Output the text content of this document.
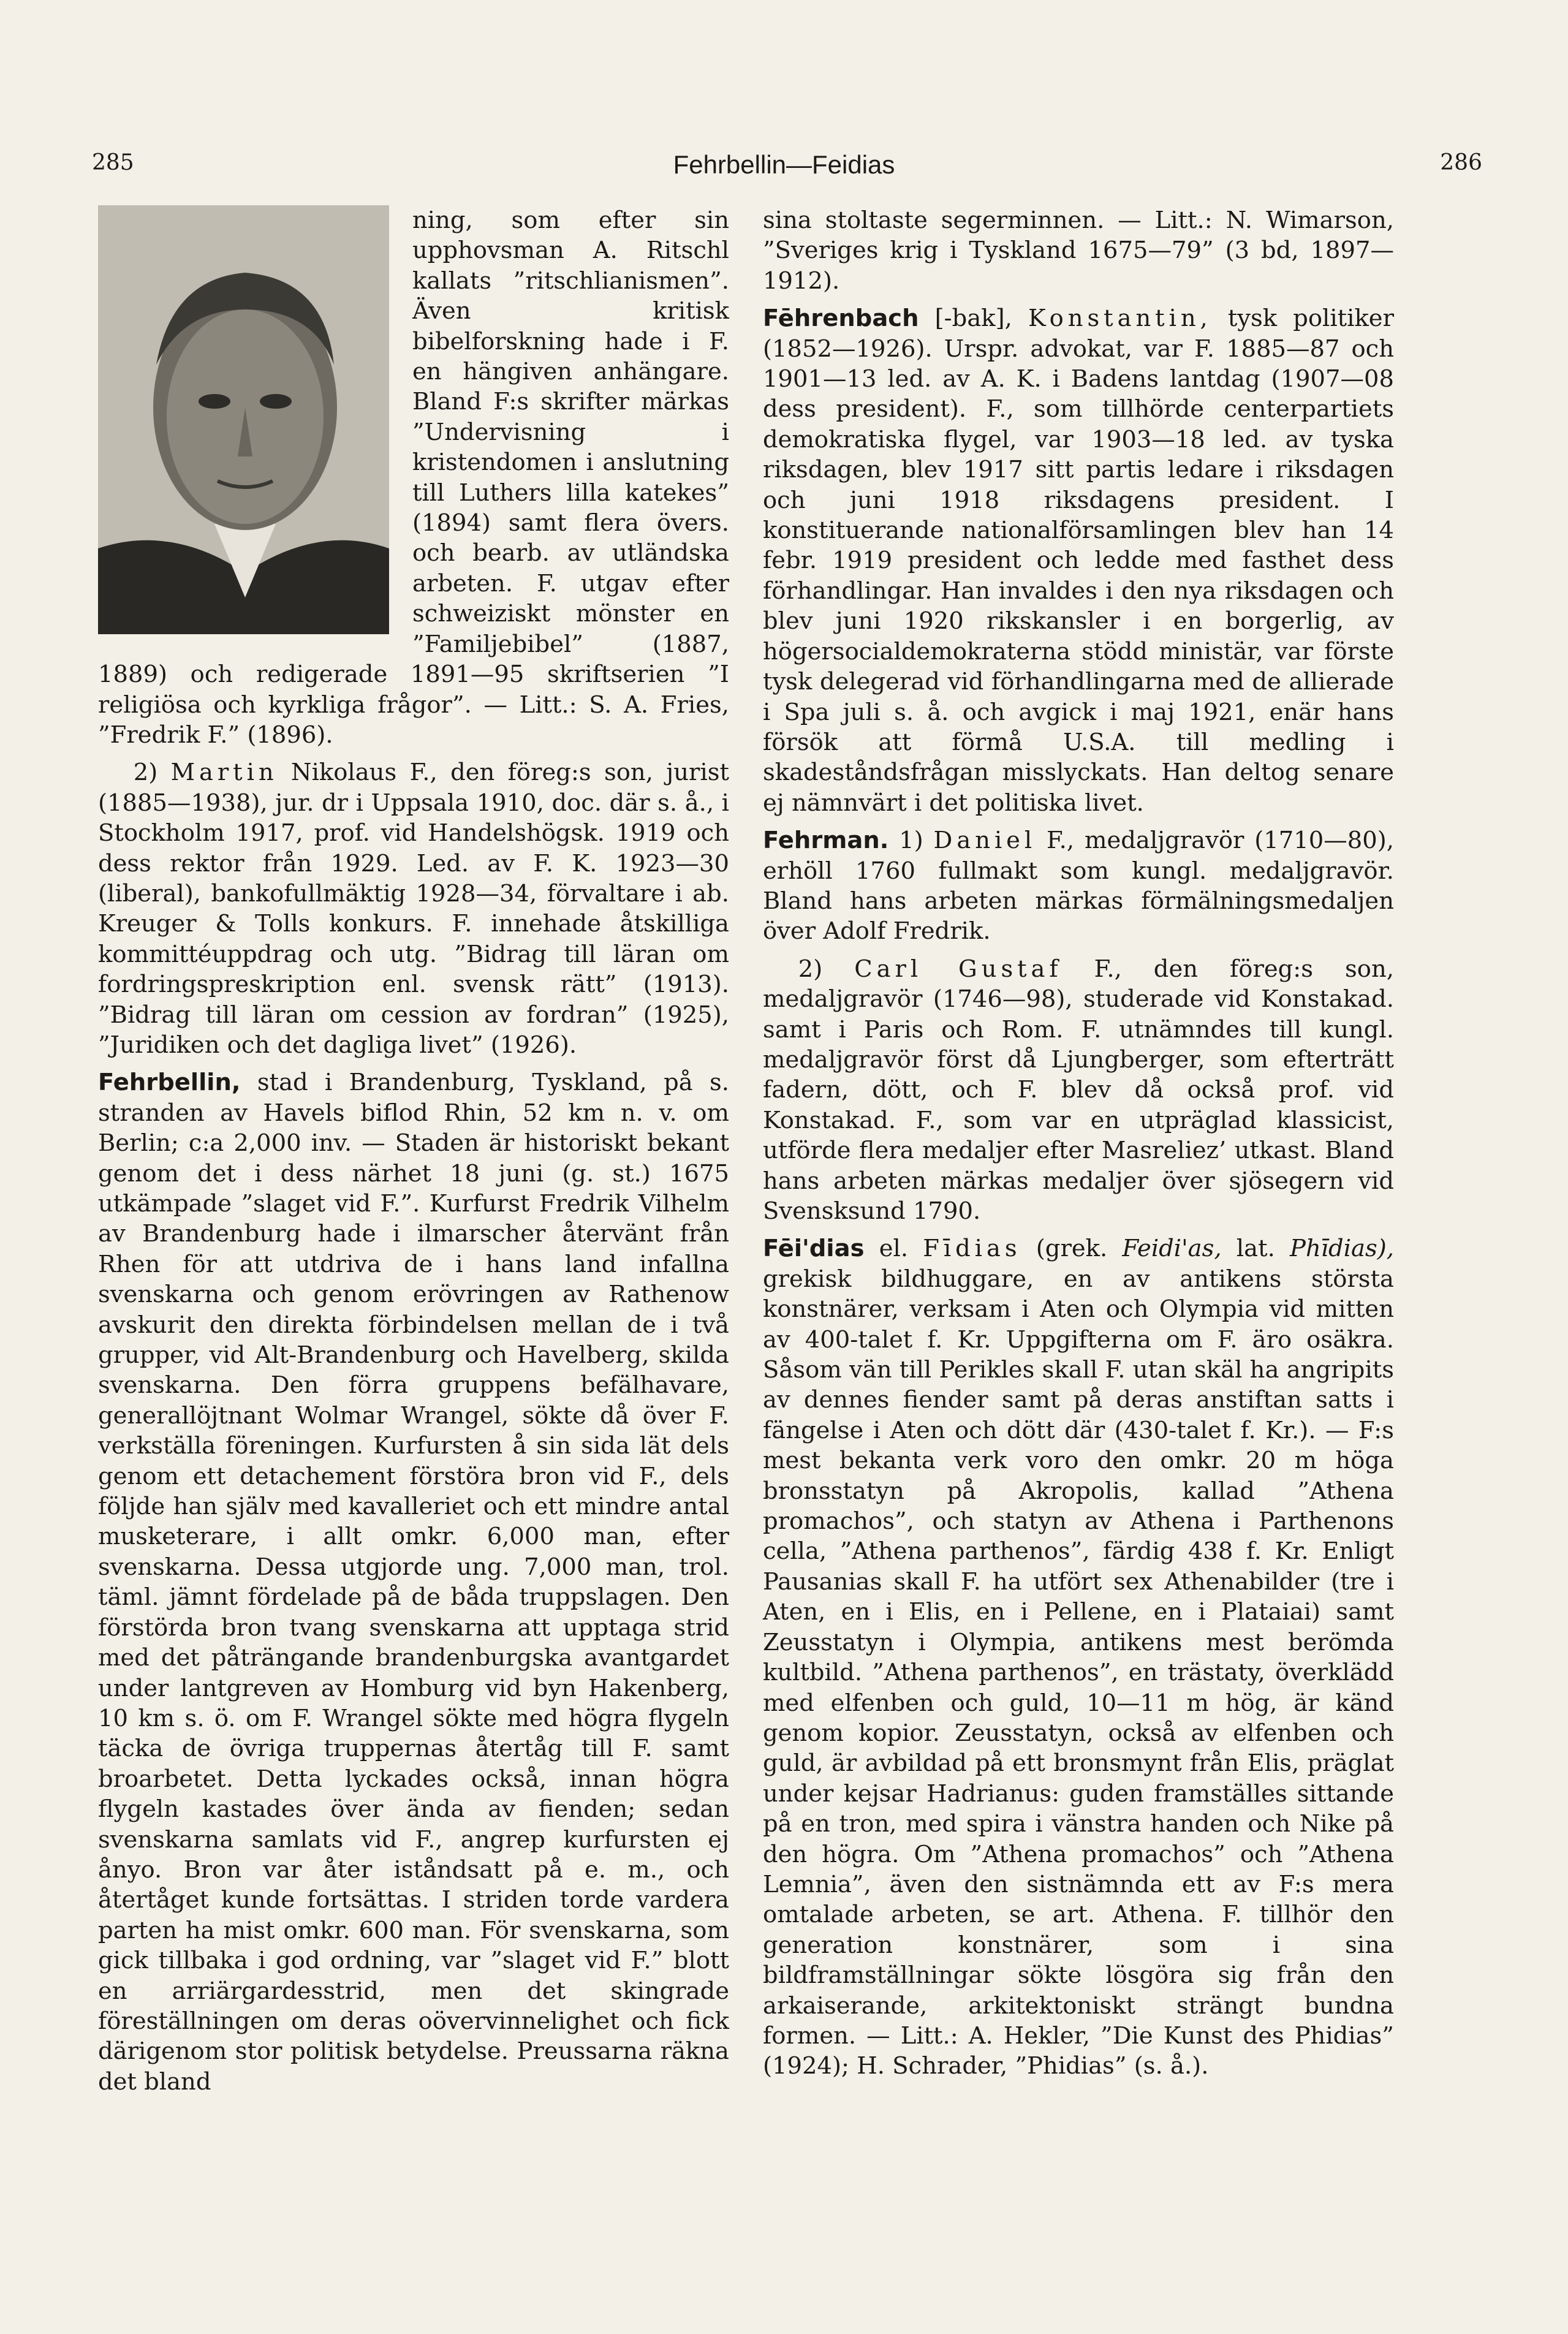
285	Fehrbellin—Feidias	286

ning, som efter sin upphovsman A. Ritschl kallats ”ritschlianismen”. Även kritisk bibelforskning hade i F. en hängiven anhängare. Bland F:s skrifter märkas ”Undervisning i kristendomen i anslutning till Luthers lilla katekes” (1894) samt flera övers. och bearb. av utländska arbeten. F. utgav efter schweiziskt mönster en ”Familjebibel” (1887, 1889) och redigerade 1891—95 skriftserien ”I religiösa och kyrkliga frågor”. — Litt.: S. A. Fries, ”Fredrik F.” (1896).

2) Martin Nikolaus F., den föreg:s son, jurist (1885—1938), jur. dr i Uppsala 1910, doc. där s. å., i Stockholm 1917, prof. vid Handelshögsk. 1919 och dess rektor från 1929. Led. av F. K. 1923—30 (liberal), bankofullmäktig 1928—34, förvaltare i ab. Kreuger & Tolls konkurs. F. innehade åtskilliga kommittéuppdrag och utg. ”Bidrag till läran om fordringspreskription enl. svensk rätt” (1913). ”Bidrag till läran om cession av fordran” (1925), ”Juridiken och det dagliga livet” (1926).

Fehrbellin, stad i Brandenburg, Tyskland, på s. stranden av Havels biflod Rhin, 52 km n. v. om Berlin; c:a 2,000 inv. — Staden är historiskt bekant genom det i dess närhet 18 juni (g. st.) 1675 utkämpade ”slaget vid F.”. Kurfurst Fredrik Vilhelm av Brandenburg hade i ilmarscher återvänt från Rhen för att utdriva de i hans land infallna svenskarna och genom erövringen av Rathenow avskurit den direkta förbindelsen mellan de i två grupper, vid Alt-Brandenburg och Havelberg, skilda svenskarna. Den förra gruppens befälhavare, generallöjtnant Wolmar Wrangel, sökte då över F. verkställa föreningen. Kurfursten å sin sida lät dels genom ett detachement förstöra bron vid F., dels följde han själv med kavalleriet och ett mindre antal musketerare, i allt omkr. 6,000 man, efter svenskarna. Dessa utgjorde ung. 7,000 man, trol. täml. jämnt fördelade på de båda truppslagen. Den förstörda bron tvang svenskarna att upptaga strid med det påträngande brandenburgska avantgardet under lantgreven av Homburg vid byn Hakenberg, 10 km s. ö. om F. Wrangel sökte med högra flygeln täcka de övriga truppernas återtåg till F. samt broarbetet. Detta lyckades också, innan högra flygeln kastades över ända av fienden; sedan svenskarna samlats vid F., angrep kurfursten ej ånyo. Bron var åter iståndsatt på e. m., och återtåget kunde fortsättas. I striden torde vardera parten ha mist omkr. 600 man. För svenskarna, som gick tillbaka i god ordning, var ”slaget vid F.” blott en arriärgardesstrid, men det skingrade föreställningen om deras oövervinnelighet och fick därigenom stor politisk betydelse. Preussarna räkna det bland

sina stoltaste segerminnen. — Litt.: N. Wimarson, ”Sveriges krig i Tyskland 1675—79” (3 bd, 1897—1912).

Fēhrenbach [-bak], Konstantin, tysk politiker (1852—1926). Urspr. advokat, var F. 1885—87 och 1901—13 led. av A. K. i Badens lantdag (1907—08 dess president). F., som tillhörde centerpartiets demokratiska flygel, var 1903—18 led. av tyska riksdagen, blev 1917 sitt partis ledare i riksdagen och juni 1918 riksdagens president. I konstituerande nationalförsamlingen blev han 14 febr. 1919 president och ledde med fasthet dess förhandlingar. Han invaldes i den nya riksdagen och blev juni 1920 rikskansler i en borgerlig, av högersocialdemokraterna stödd ministär, var förste tysk delegerad vid förhandlingarna med de allierade i Spa juli s. å. och avgick i maj 1921, enär hans försök att förmå U.S.A. till medling i skadeståndsfrågan misslyckats. Han deltog senare ej nämnvärt i det politiska livet.

Fehrman. 1) Daniel F., medaljgravör (1710—80), erhöll 1760 fullmakt som kungl. medaljgravör. Bland hans arbeten märkas förmälningsmedaljen över Adolf Fredrik.

2) Carl Gustaf F., den föreg:s son, medaljgravör (1746—98), studerade vid Konstakad. samt i Paris och Rom. F. utnämndes till kungl. medaljgravör först då Ljungberger, som efterträtt fadern, dött, och F. blev då också prof. vid Konstakad. F., som var en utpräglad klassicist, utförde flera medaljer efter Masreliez’ utkast. Bland hans arbeten märkas medaljer över sjösegern vid Svensksund 1790.

Fēi'dias el. Fīdias (grek. Feidi'as, lat. Phīdias), grekisk bildhuggare, en av antikens största konstnärer, verksam i Aten och Olympia vid mitten av 400-talet f. Kr. Uppgifterna om F. äro osäkra. Såsom vän till Perikles skall F. utan skäl ha angripits av dennes fiender samt på deras anstiftan satts i fängelse i Aten och dött där (430-talet f. Kr.). — F:s mest bekanta verk voro den omkr. 20 m höga bronsstatyn på Akropolis, kallad ”Athena promachos”, och statyn av Athena i Parthenons cella, ”Athena parthenos”, färdig 438 f. Kr. Enligt Pausanias skall F. ha utfört sex Athenabilder (tre i Aten, en i Elis, en i Pellene, en i Plataiai) samt Zeusstatyn i Olympia, antikens mest berömda kultbild. ”Athena parthenos”, en trästaty, överklädd med elfenben och guld, 10—11 m hög, är känd genom kopior. Zeusstatyn, också av elfenben och guld, är avbildad på ett bronsmynt från Elis, präglat under kejsar Hadrianus: guden framställes sittande på en tron, med spira i vänstra handen och Nike på den högra. Om ”Athena promachos” och ”Athena Lemnia”, även den sistnämnda ett av F:s mera omtalade arbeten, se art. Athena. F. tillhör den generation konstnärer, som i sina bildframställningar sökte lösgöra sig från den arkaiserande, arkitektoniskt strängt bundna formen. — Litt.: A. Hekler, ”Die Kunst des Phidias” (1924); H. Schrader, ”Phidias” (s. å.).
